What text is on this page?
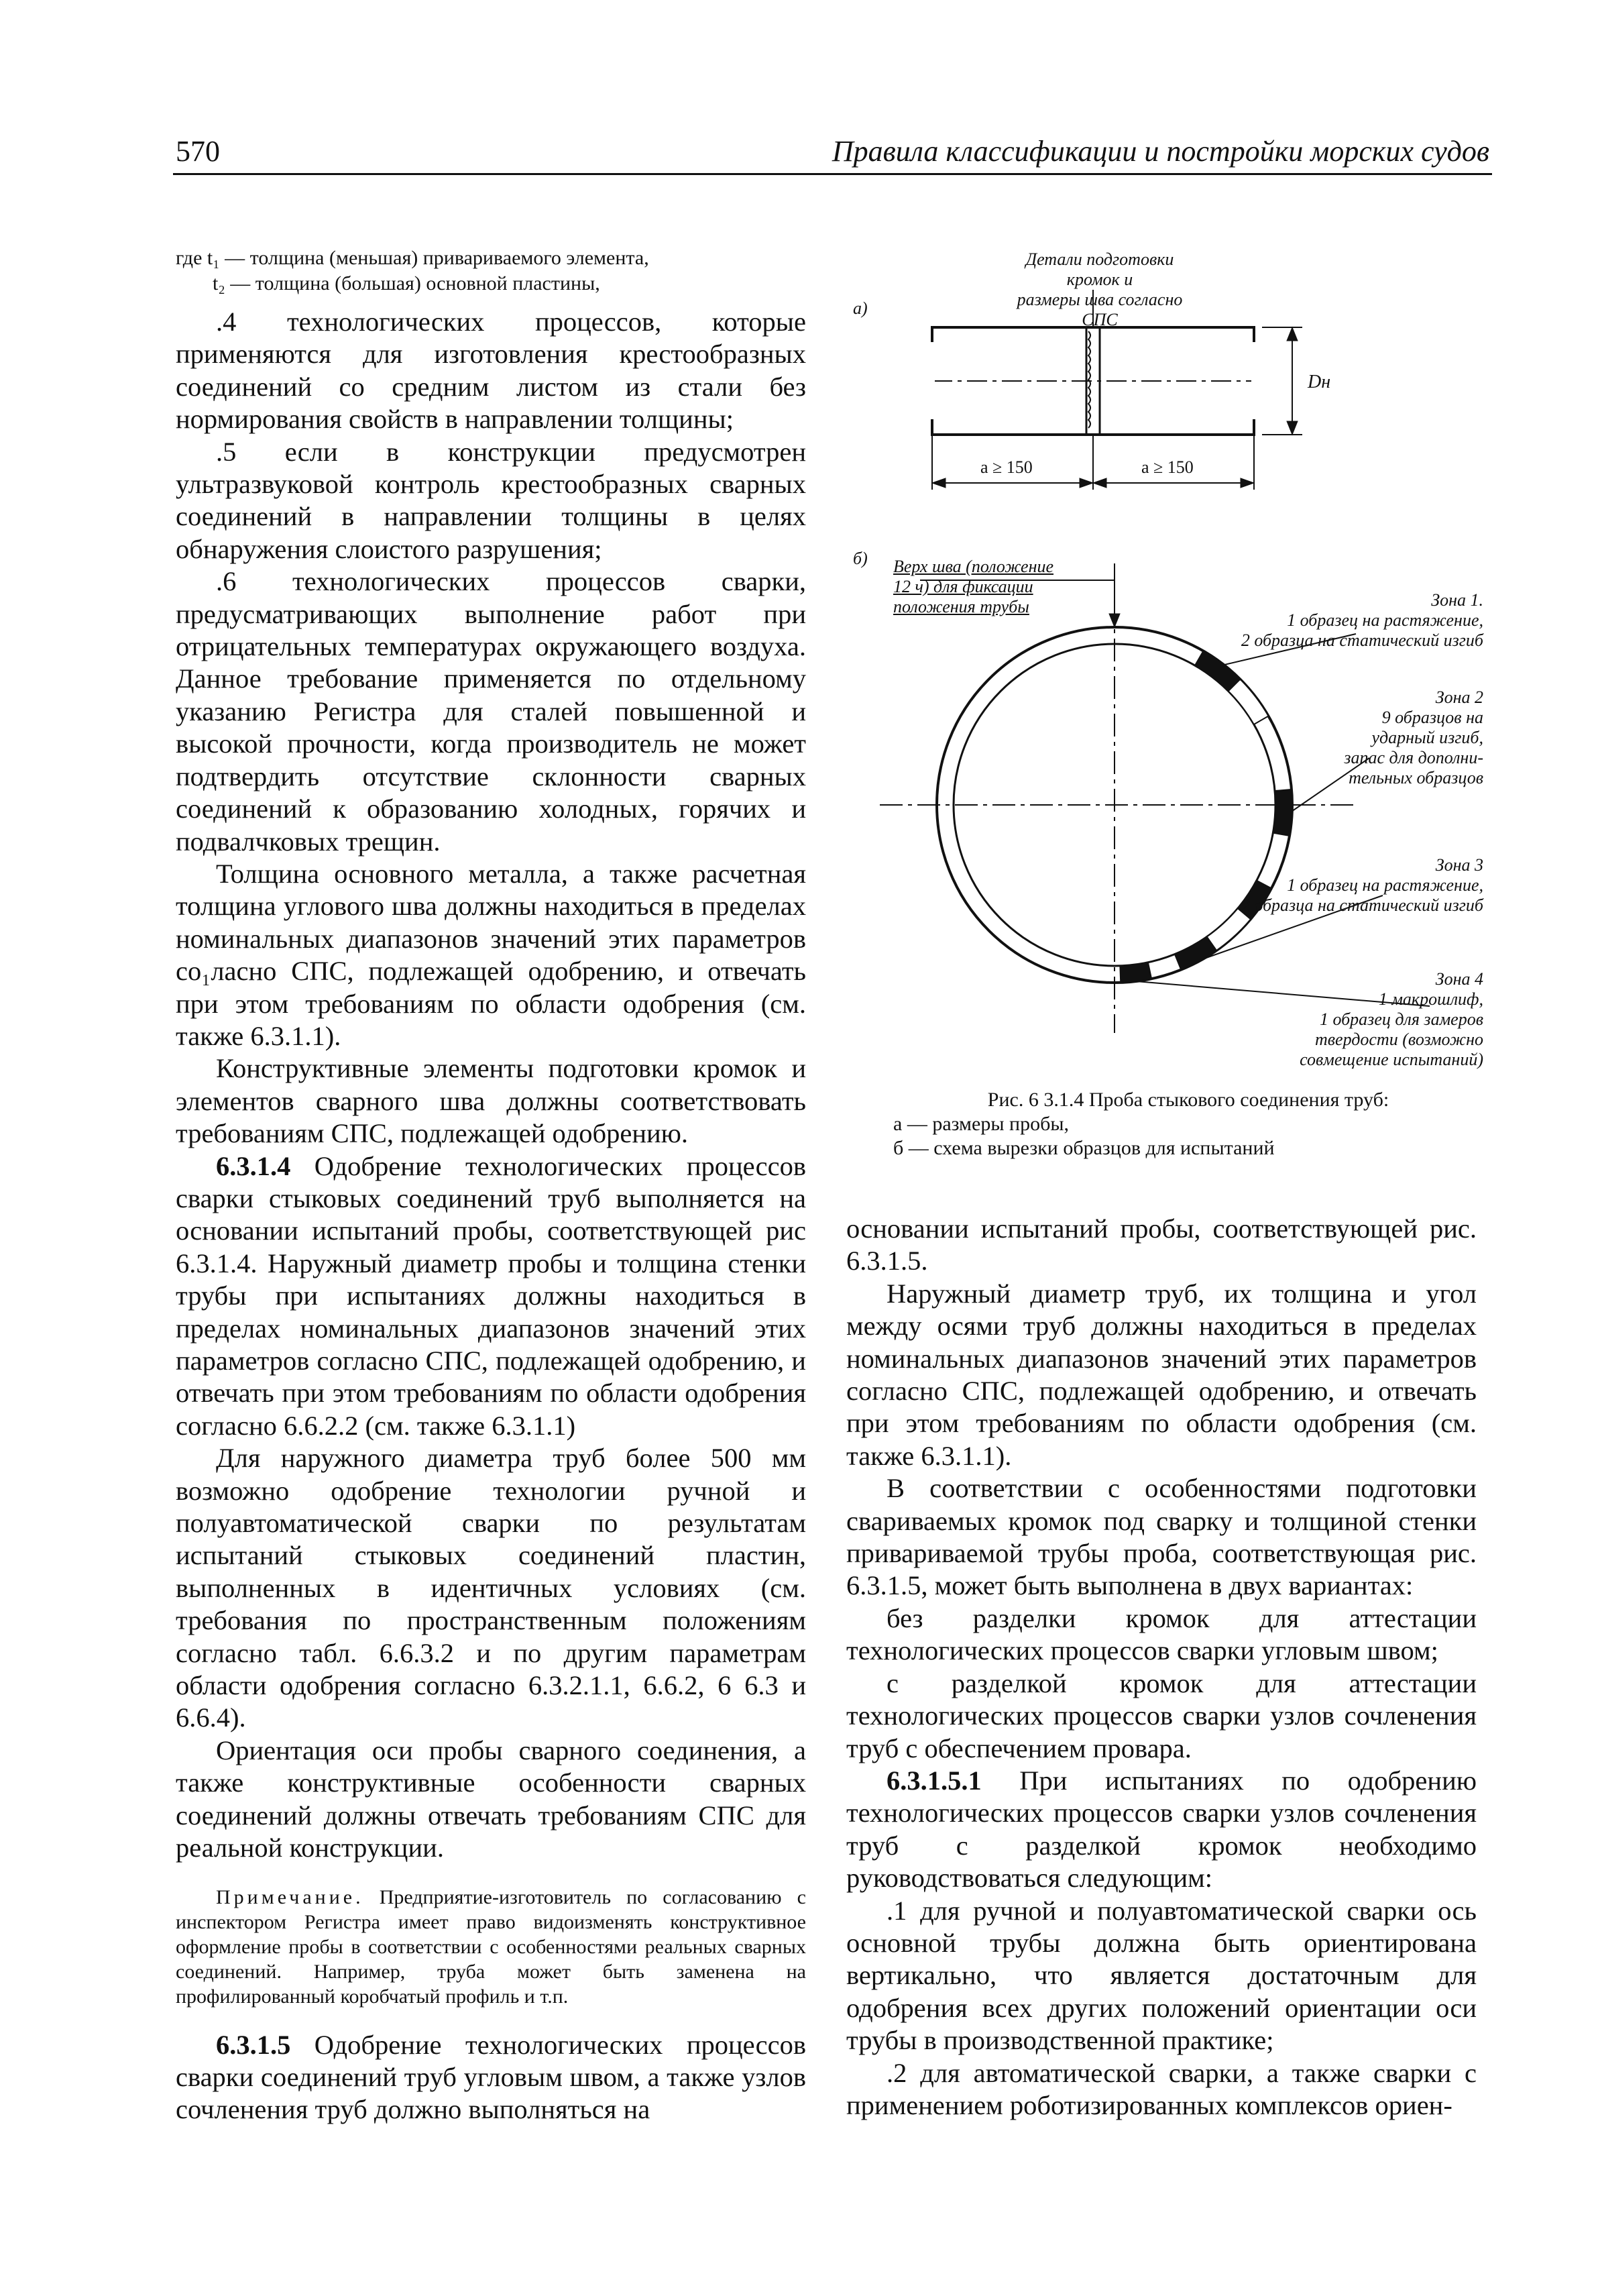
570	Правила классификации и постройки морских судов
где t₁ — толщина (меньшая) привариваемого элемента,
t₂ — толщина (большая) основной пластины,

.4 технологических процессов, которые применяются для изготовления крестообразных соединений со средним листом из стали без нормирования свойств в направлении толщины;

.5 если в конструкции предусмотрен ультразвуковой контроль крестообразных сварных соединений в направлении толщины в целях обнаружения слоистого разрушения;

.6 технологических процессов сварки, предусматривающих выполнение работ при отрицательных температурах окружающего воздуха. Данное требование применяется по отдельному указанию Регистра для сталей повышенной и высокой прочности, когда производитель не может подтвердить отсутствие склонности сварных соединений к образованию холодных, горячих и подвалчковых трещин.

Толщина основного металла, а также расчетная толщина углового шва должны находиться в пределах номинальных диапазонов значений этих параметров со₁ласно СПС, подлежащей одобрению, и отвечать при этом требованиям по области одобрения (см. также 6.3.1.1).

Конструктивные элементы подготовки кромок и элементов сварного шва должны соответствовать требованиям СПС, подлежащей одобрению.

6.3.1.4 Одобрение технологических процессов сварки стыковых соединений труб выполняется на основании испытаний пробы, соответствующей рис 6.3.1.4. Наружный диаметр пробы и толщина стенки трубы при испытаниях должны находиться в пределах номинальных диапазонов значений этих параметров согласно СПС, подлежащей одобрению, и отвечать при этом требованиям по области одобрения согласно 6.6.2.2 (см. также 6.3.1.1)

Для наружного диаметра труб более 500 мм возможно одобрение технологии ручной и полуавтоматической сварки по результатам испытаний стыковых соединений пластин, выполненных в идентичных условиях (см. требования по пространственным положениям согласно табл. 6.6.3.2 и по другим параметрам области одобрения согласно 6.3.2.1.1, 6.6.2, 6 6.3 и 6.6.4).

Ориентация оси пробы сварного соединения, а также конструктивные особенности сварных соединений должны отвечать требованиям СПС для реальной конструкции.

Примечание. Предприятие-изготовитель по согласованию с инспектором Регистра имеет право видоизменять конструктивное оформление пробы в соответствии с особенностями реальных сварных соединений. Например, труба может быть заменена на профилированный коробчатый профиль и т.п.

6.3.1.5 Одобрение технологических процессов сварки соединений труб угловым швом, а также узлов сочленения труб должно выполняться на

а)
Детали подготовки кромок и
размеры шва согласно СПС
Dн
a ≥ 150	a ≥ 150
б) Верх шва (положение
12 ч) для фиксации
положения трубы	Зона 1.
1 образец на растяжение,
2 образца на статический изгиб
Зона 2
9 образцов на
ударный изгиб,
запас для дополни-
тельных образцов
Зона 3
1 образец на растяжение,
2 образца на статический изгиб
Зона 4
1 макрошлиф,
1 образец для замеров
твердости (возможно
совмещение испытаний)
Рис. 6 3.1.4 Проба стыкового соединения труб:
а — размеры пробы,
б — схема вырезки образцов для испытаний

основании испытаний пробы, соответствующей рис. 6.3.1.5.

Наружный диаметр труб, их толщина и угол между осями труб должны находиться в пределах номинальных диапазонов значений этих параметров согласно СПС, подлежащей одобрению, и отвечать при этом требованиям по области одобрения (см. также 6.3.1.1).

В соответствии с особенностями подготовки свариваемых кромок под сварку и толщиной стенки привариваемой трубы проба, соответствующая рис. 6.3.1.5, может быть выполнена в двух вариантах:

без разделки кромок для аттестации технологических процессов сварки угловым швом;

с разделкой кромок для аттестации технологических процессов сварки узлов сочленения труб с обеспечением провара.

6.3.1.5.1 При испытаниях по одобрению технологических процессов сварки узлов сочленения труб с разделкой кромок необходимо руководствоваться следующим:

.1 для ручной и полуавтоматической сварки ось основной трубы должна быть ориентирована вертикально, что является достаточным для одобрения всех других положений ориентации оси трубы в производственной практике;

.2 для автоматической сварки, а также сварки с применением роботизированных комплексов ориен-
